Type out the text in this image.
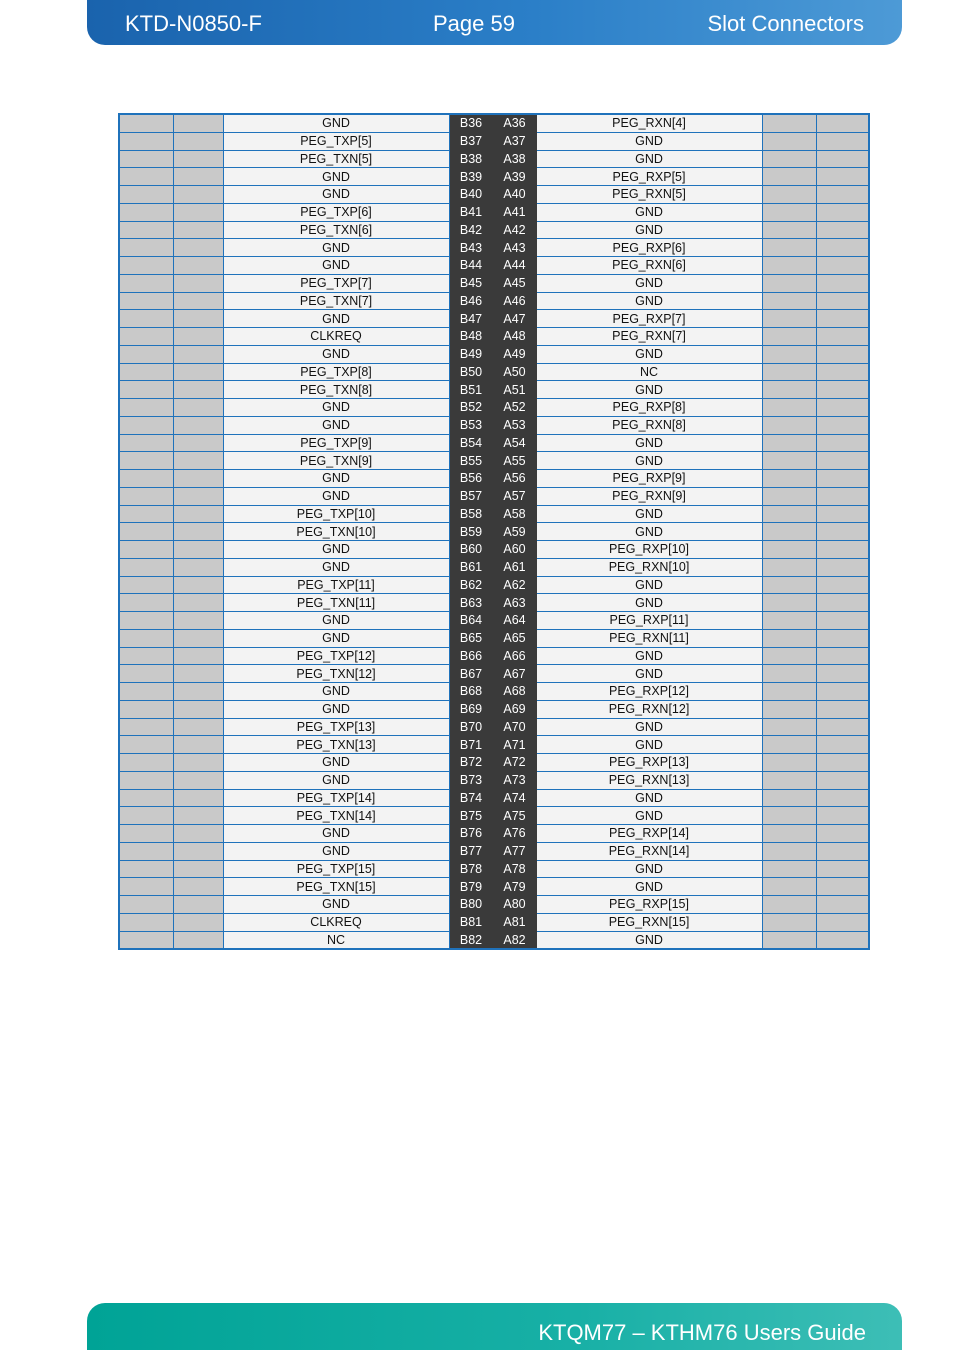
KTD-N0850-F	Page 59	Slot Connectors
		GND	B36	A36	PEG_RXN[4]		
		PEG_TXP[5]	B37	A37	GND		
		PEG_TXN[5]	B38	A38	GND		
		GND	B39	A39	PEG_RXP[5]		
		GND	B40	A40	PEG_RXN[5]		
		PEG_TXP[6]	B41	A41	GND		
		PEG_TXN[6]	B42	A42	GND		
		GND	B43	A43	PEG_RXP[6]		
		GND	B44	A44	PEG_RXN[6]		
		PEG_TXP[7]	B45	A45	GND		
		PEG_TXN[7]	B46	A46	GND		
		GND	B47	A47	PEG_RXP[7]		
		CLKREQ	B48	A48	PEG_RXN[7]		
		GND	B49	A49	GND		
		PEG_TXP[8]	B50	A50	NC		
		PEG_TXN[8]	B51	A51	GND		
		GND	B52	A52	PEG_RXP[8]		
		GND	B53	A53	PEG_RXN[8]		
		PEG_TXP[9]	B54	A54	GND		
		PEG_TXN[9]	B55	A55	GND		
		GND	B56	A56	PEG_RXP[9]		
		GND	B57	A57	PEG_RXN[9]		
		PEG_TXP[10]	B58	A58	GND		
		PEG_TXN[10]	B59	A59	GND		
		GND	B60	A60	PEG_RXP[10]		
		GND	B61	A61	PEG_RXN[10]		
		PEG_TXP[11]	B62	A62	GND		
		PEG_TXN[11]	B63	A63	GND		
		GND	B64	A64	PEG_RXP[11]		
		GND	B65	A65	PEG_RXN[11]		
		PEG_TXP[12]	B66	A66	GND		
		PEG_TXN[12]	B67	A67	GND		
		GND	B68	A68	PEG_RXP[12]		
		GND	B69	A69	PEG_RXN[12]		
		PEG_TXP[13]	B70	A70	GND		
		PEG_TXN[13]	B71	A71	GND		
		GND	B72	A72	PEG_RXP[13]		
		GND	B73	A73	PEG_RXN[13]		
		PEG_TXP[14]	B74	A74	GND		
		PEG_TXN[14]	B75	A75	GND		
		GND	B76	A76	PEG_RXP[14]		
		GND	B77	A77	PEG_RXN[14]		
		PEG_TXP[15]	B78	A78	GND		
		PEG_TXN[15]	B79	A79	GND		
		GND	B80	A80	PEG_RXP[15]		
		CLKREQ	B81	A81	PEG_RXN[15]		
		NC	B82	A82	GND		
KTQM77 – KTHM76 Users Guide
